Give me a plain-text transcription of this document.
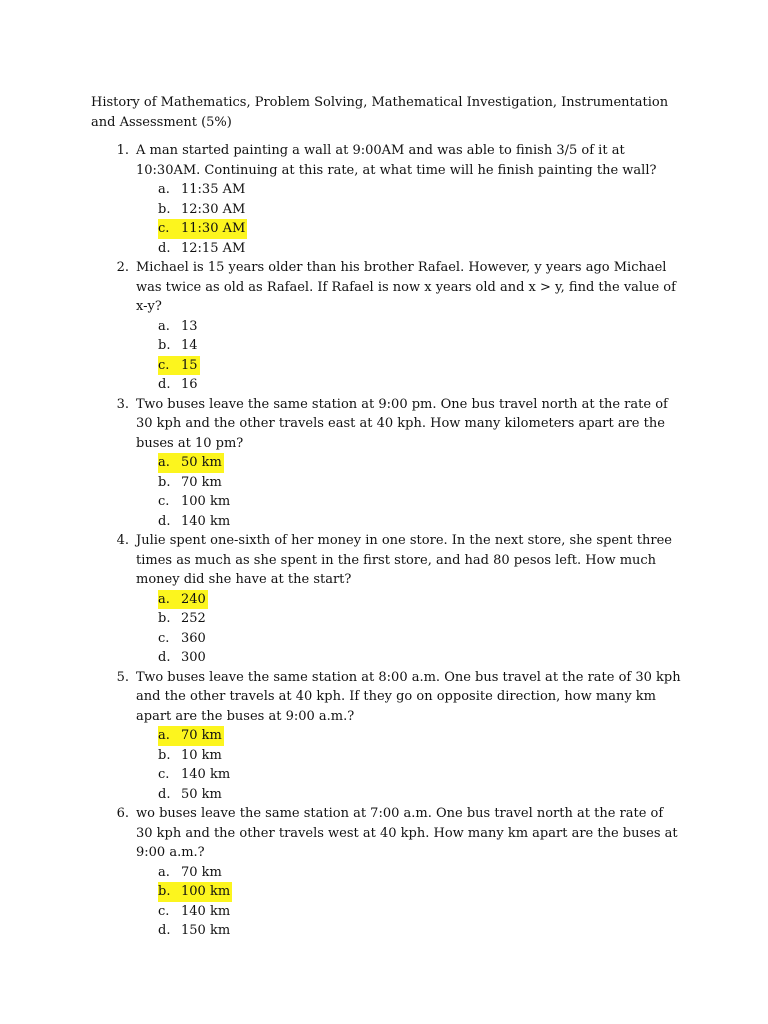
History of Mathematics, Problem Solving, Mathematical Investigation, Instrumentation and Assessment (5%)
1. A man started painting a wall at 9:00AM and was able to finish 3/5 of it at 10:30AM. Continuing at this rate, at what time will he finish painting the wall?
a. 11:35 AM
b. 12:30 AM
c. 11:30 AM
d. 12:15 AM
2. Michael is 15 years older than his brother Rafael. However, y years ago Michael was twice as old as Rafael. If Rafael is now x years old and x > y, find the value of x-y?
a. 13
b. 14
c. 15
d. 16
3. Two buses leave the same station at 9:00 pm. One bus travel north at the rate of 30 kph and the other travels east at 40 kph. How many kilometers apart are the buses at 10 pm?
a. 50 km
b. 70 km
c. 100 km
d. 140 km
4. Julie spent one-sixth of her money in one store. In the next store, she spent three times as much as she spent in the first store, and had 80 pesos left. How much money did she have at the start?
a. 240
b. 252
c. 360
d. 300
5. Two buses leave the same station at 8:00 a.m. One bus travel at the rate of 30 kph and the other travels at 40 kph. If they go on opposite direction, how many km apart are the buses at 9:00 a.m.?
a. 70 km
b. 10 km
c. 140 km
d. 50 km
6. wo buses leave the same station at 7:00 a.m. One bus travel north at the rate of 30 kph and the other travels west at 40 kph. How many km apart are the buses at 9:00 a.m.?
a. 70 km
b. 100 km
c. 140 km
d. 150 km
